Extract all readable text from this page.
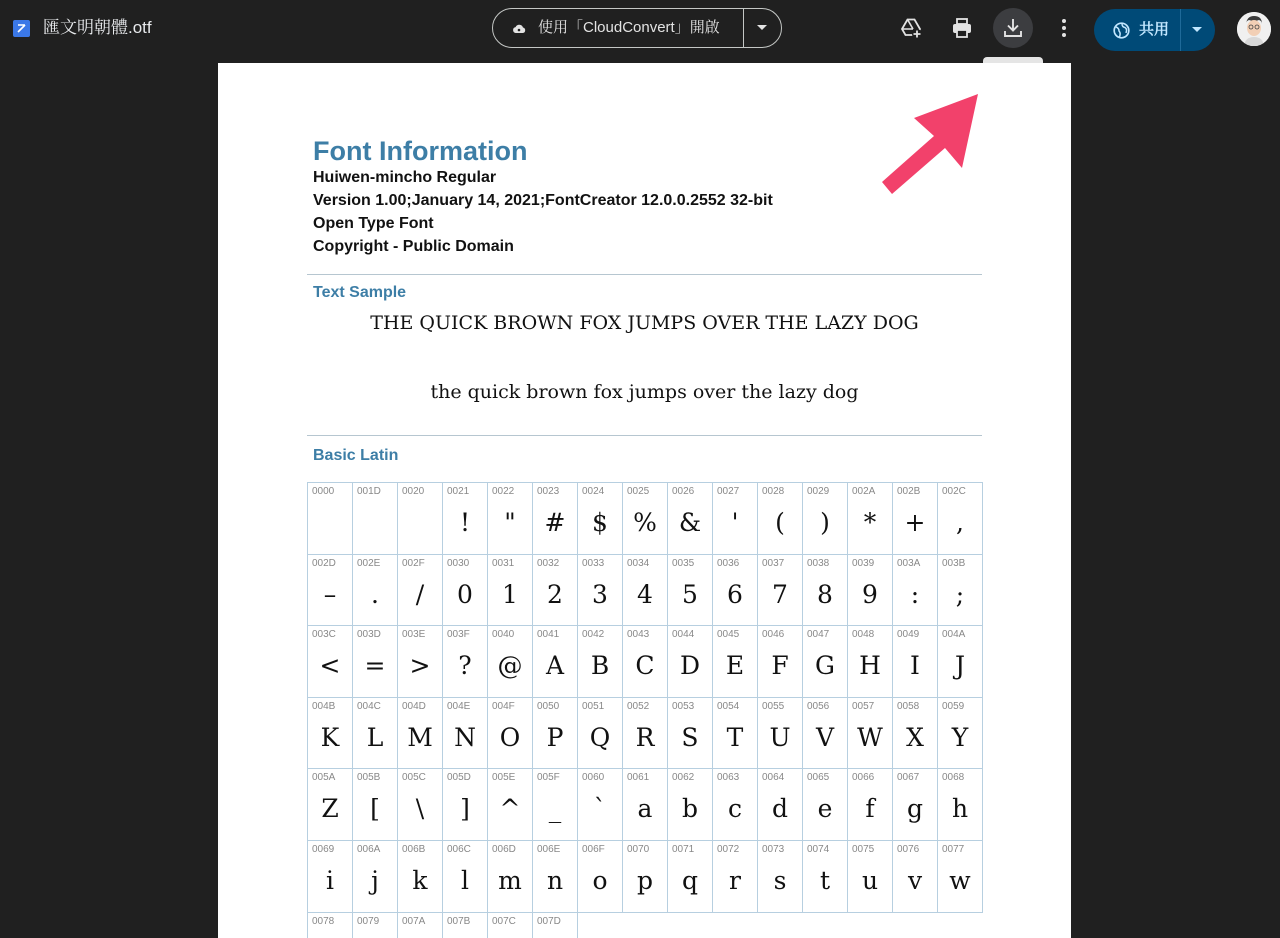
匯文明朝體.otf	使用「CloudConvert」開啟	共用
Font Information
Huiwen-mincho Regular
Version 1.00;January 14, 2021;FontCreator 12.0.0.2552 32-bit
Open Type Font
Copyright - Public Domain
Text Sample
THE QUICK BROWN FOX JUMPS OVER THE LAZY DOG
the quick brown fox jumps over the lazy dog
Basic Latin
0000 001D 0020 0021
!
0022
"
0023
#
0024
$
0025
%
0026
&
0027
'
0028
(
0029
)
002A
*
002B
+
002C
,
002D
–
002E
.
002F
/
0030
0
0031
1
0032
2
0033
3
0034
4
0035
5
0036
6
0037
7
0038
8
0039
9
003A
:
003B
;
003C
<
003D
=
003E
>
003F
?
0040
@
0041
A
0042
B
0043
C
0044
D
0045
E
0046
F
0047
G
0048
H
0049
I
004A
J
004B
K
004C
L
004D
M
004E
N
004F
O
0050
P
0051
Q
0052
R
0053
S
0054
T
0055
U
0056
V
0057
W
0058
X
0059
Y
005A
Z
005B
[
005C
\
005D
]
005E
^
005F
_
0060
`
0061
a
0062
b
0063
c
0064
d
0065
e
0066
f
0067
g
0068
h
0069
i
006A
j
006B
k
006C
l
006D
m
006E
n
006F
o
0070
p
0071
q
0072
r
0073
s
0074
t
0075
u
0076
v
0077
w
0078 0079 007A 007B 007C 007D
